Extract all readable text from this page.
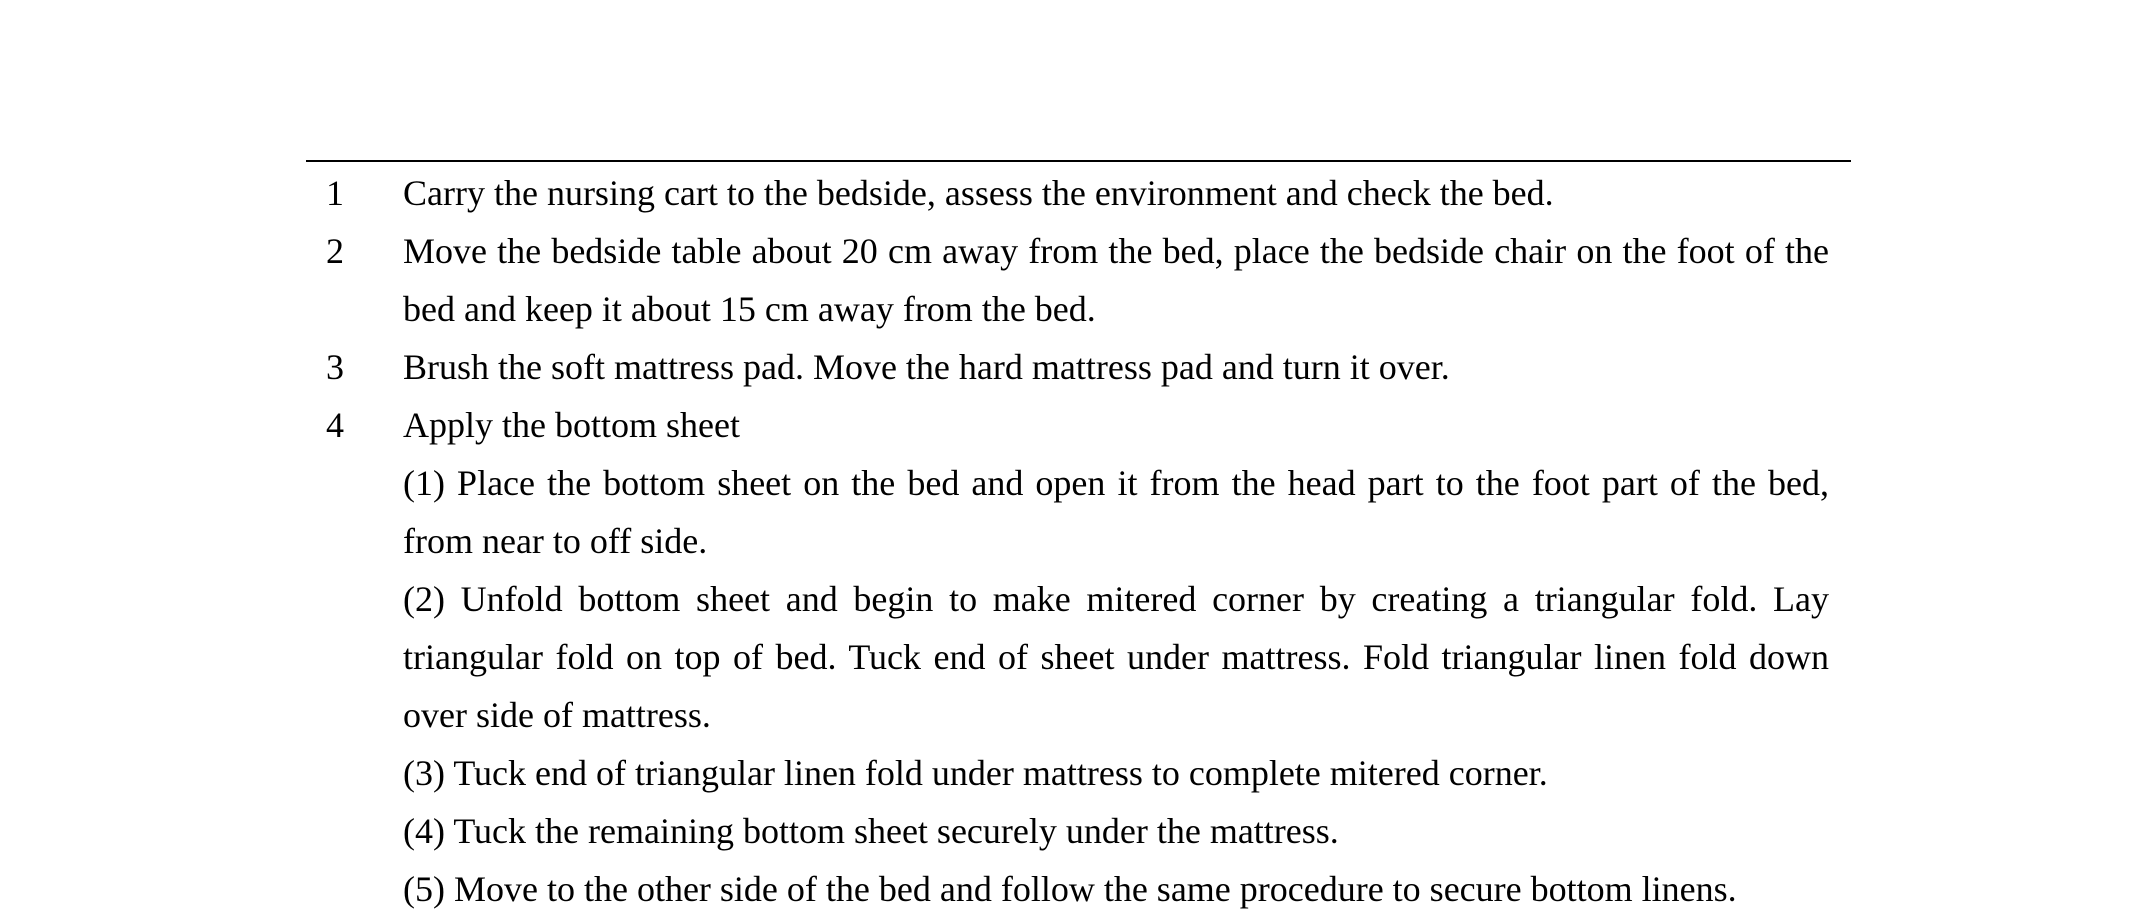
1	Carry the nursing cart to the bedside, assess the environment and check the bed.

2	Move the bedside table about 20 cm away from the bed, place the bedside chair on the foot of the bed and keep it about 15 cm away from the bed.

3	Brush the soft mattress pad. Move the hard mattress pad and turn it over.

4	Apply the bottom sheet

(1) Place the bottom sheet on the bed and open it from the head part to the foot part of the bed, from near to off side.

(2) Unfold bottom sheet and begin to make mitered corner by creating a triangular fold. Lay triangular fold on top of bed. Tuck end of sheet under mattress. Fold triangular linen fold down over side of mattress.

(3) Tuck end of triangular linen fold under mattress to complete mitered corner.

(4) Tuck the remaining bottom sheet securely under the mattress.

(5) Move to the other side of the bed and follow the same procedure to secure bottom linens.
